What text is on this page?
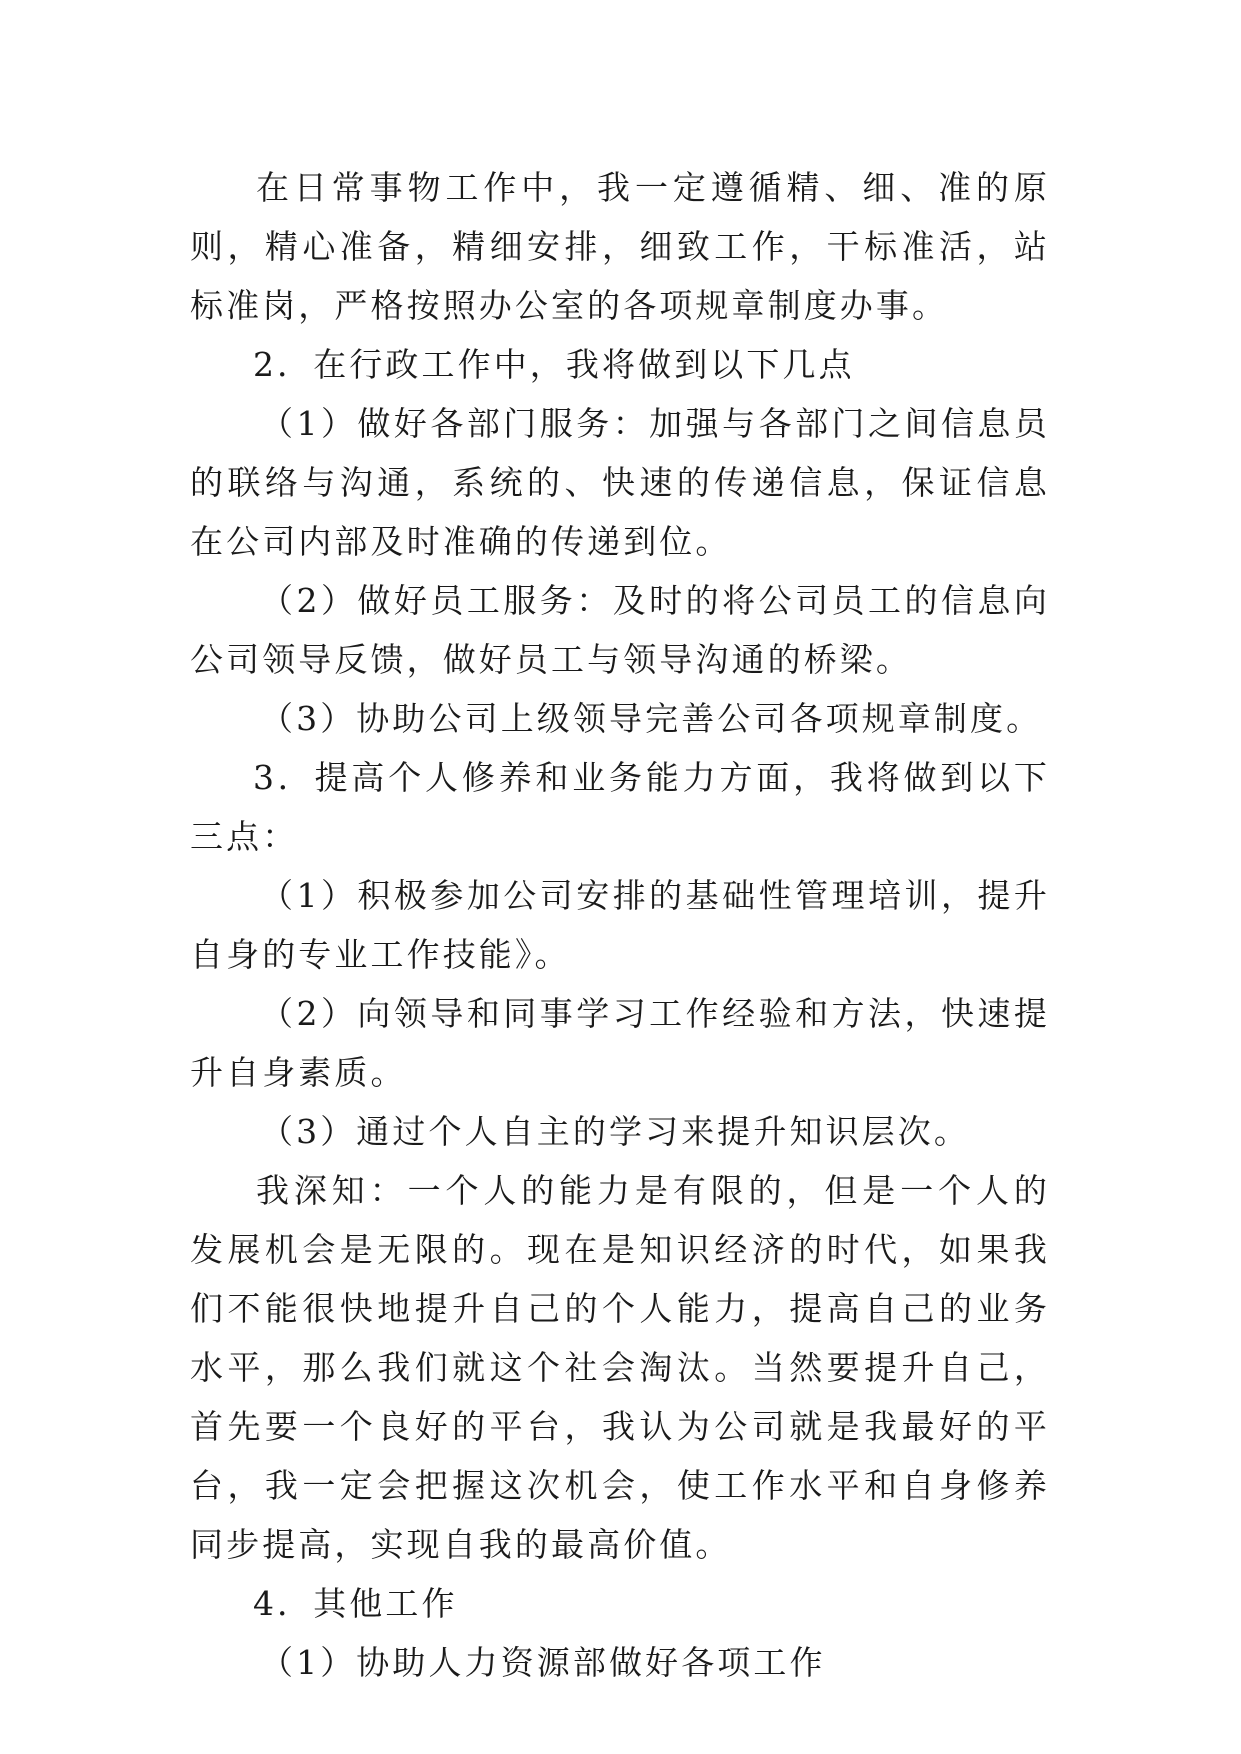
在日常事物工作中，我一定遵循精、细、准的原则，精心准备，精细安排，细致工作，干标准活，站标准岗，严格按照办公室的各项规章制度办事。

2．在行政工作中，我将做到以下几点

（1）做好各部门服务：加强与各部门之间信息员的联络与沟通，系统的、快速的传递信息，保证信息在公司内部及时准确的传递到位。

（2）做好员工服务：及时的将公司员工的信息向公司领导反馈，做好员工与领导沟通的桥梁。

（3）协助公司上级领导完善公司各项规章制度。

3．提高个人修养和业务能力方面，我将做到以下三点：

（1）积极参加公司安排的基础性管理培训，提升自身的专业工作技能》。

（2）向领导和同事学习工作经验和方法，快速提升自身素质。

（3）通过个人自主的学习来提升知识层次。

我深知：一个人的能力是有限的，但是一个人的发展机会是无限的。现在是知识经济的时代，如果我们不能很快地提升自己的个人能力，提高自己的业务水平，那么我们就这个社会淘汰。当然要提升自己，首先要一个良好的平台，我认为公司就是我最好的平台，我一定会把握这次机会，使工作水平和自身修养同步提高，实现自我的最高价值。

4．其他工作

（1）协助人力资源部做好各项工作
